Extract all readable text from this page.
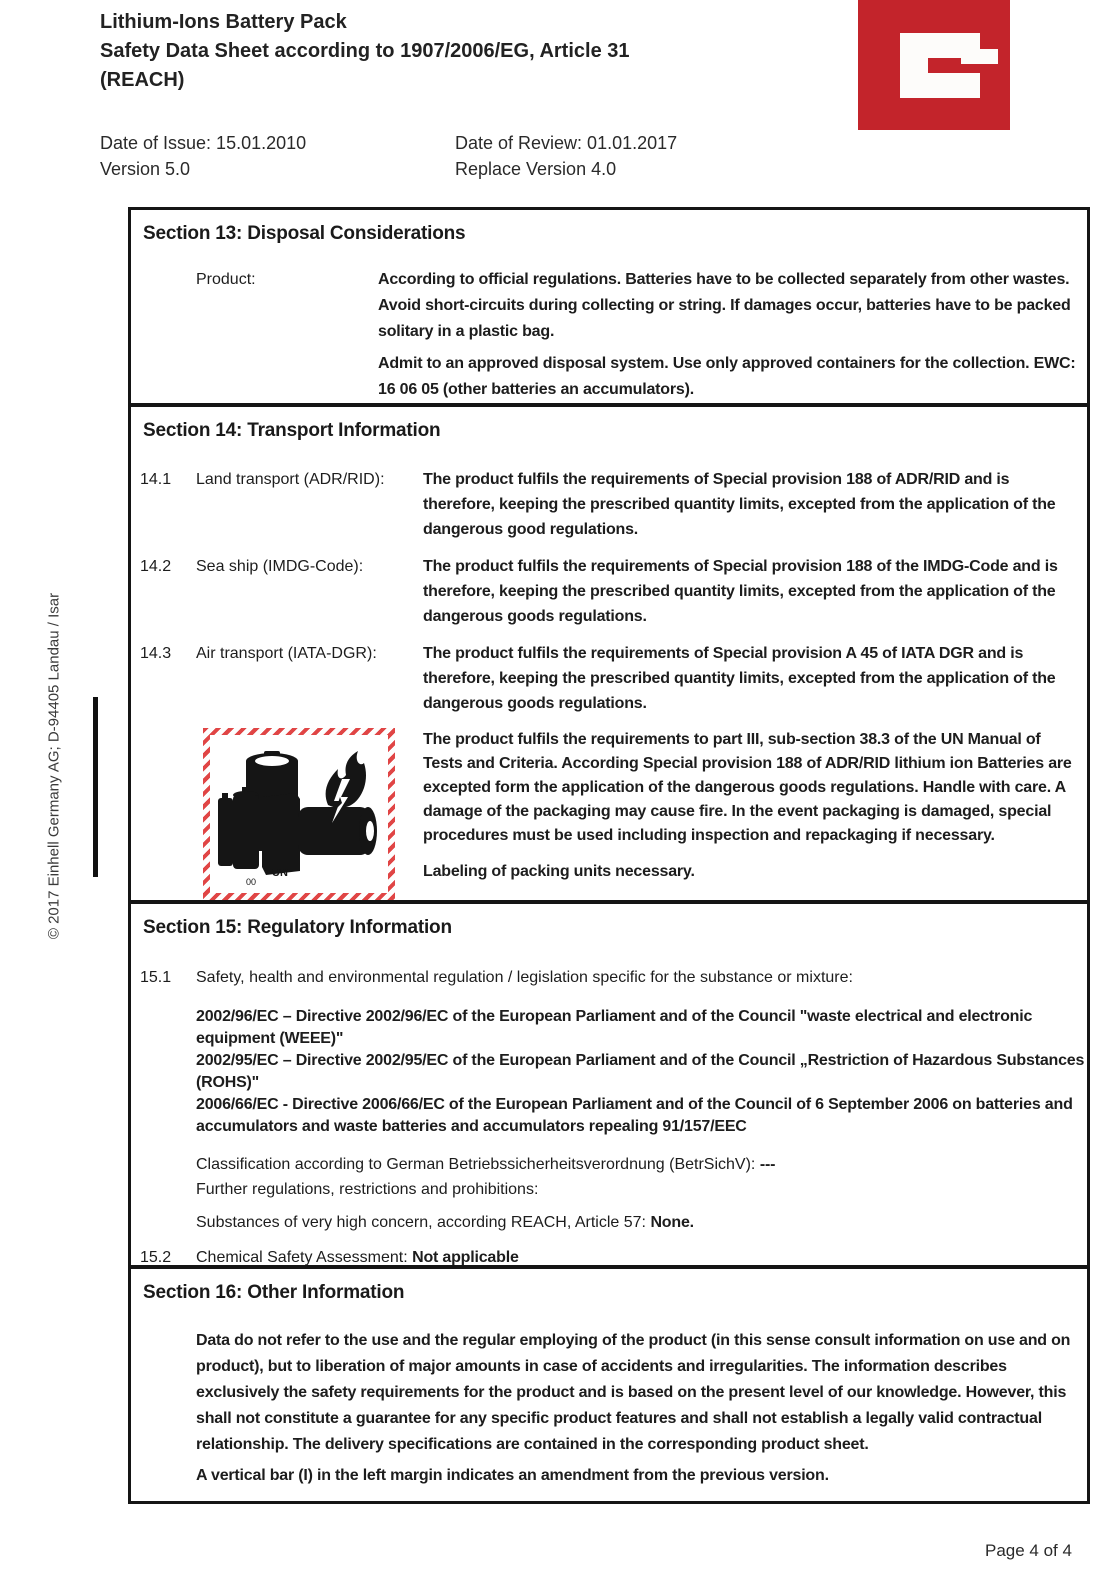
Lithium-Ions Battery Pack
Safety Data Sheet according to 1907/2006/EG, Article 31
(REACH)
Date of Issue: 15.01.2010
Version 5.0
Date of Review: 01.01.2017
Replace Version 4.0
© 2017 Einhell Germany AG; D-94405 Landau / Isar
Section 13: Disposal Considerations
Product:	According to official regulations. Batteries have to be collected separately from other wastes. Avoid short-circuits during collecting or string. If damages occur, batteries have to be packed solitary in a plastic bag.
Admit to an approved disposal system. Use only approved containers for the collection. EWC: 16 06 05 (other batteries an accumulators).
Section 14: Transport Information
14.1	Land transport (ADR/RID):	The product fulfils the requirements of Special provision 188 of ADR/RID and is therefore, keeping the prescribed quantity limits, excepted from the application of the dangerous good regulations.
14.2	Sea ship (IMDG-Code):	The product fulfils the requirements of Special provision 188 of the IMDG-Code and is therefore, keeping the prescribed quantity limits, excepted from the application of the dangerous goods regulations.
14.3	Air transport (IATA-DGR):	The product fulfils the requirements of Special provision A 45 of IATA DGR and is therefore, keeping the prescribed quantity limits, excepted from the application of the dangerous goods regulations.
UN
00
The product fulfils the requirements to part III, sub-section 38.3 of the UN Manual of Tests and Criteria. According Special provision 188 of ADR/RID lithium ion Batteries are excepted form the application of the dangerous goods regulations. Handle with care. A damage of the packaging may cause fire. In the event packaging is damaged, special procedures must be used including inspection and repackaging if necessary.
Labeling of packing units necessary.
Section 15: Regulatory Information
15.1	Safety, health and environmental regulation / legislation specific for the substance or mixture:
2002/96/EC – Directive 2002/96/EC of the European Parliament and of the Council "waste electrical and electronic equipment (WEEE)"
2002/95/EC – Directive 2002/95/EC of the European Parliament and of the Council „Restriction of Hazardous Substances (ROHS)"
2006/66/EC - Directive 2006/66/EC of the European Parliament and of the Council of 6 September 2006 on batteries and accumulators and waste batteries and accumulators repealing 91/157/EEC
Classification according to German Betriebssicherheitsverordnung (BetrSichV): ---
Further regulations, restrictions and prohibitions:
Substances of very high concern, according REACH, Article 57: None.
15.2	Chemical Safety Assessment: Not applicable
Section 16: Other Information
Data do not refer to the use and the regular employing of the product (in this sense consult information on use and on product), but to liberation of major amounts in case of accidents and irregularities. The information describes exclusively the safety requirements for the product and is based on the present level of our knowledge. However, this shall not constitute a guarantee for any specific product features and shall not establish a legally valid contractual relationship. The delivery specifications are contained in the corresponding product sheet.
A vertical bar (I) in the left margin indicates an amendment from the previous version.
Page 4 of 4
